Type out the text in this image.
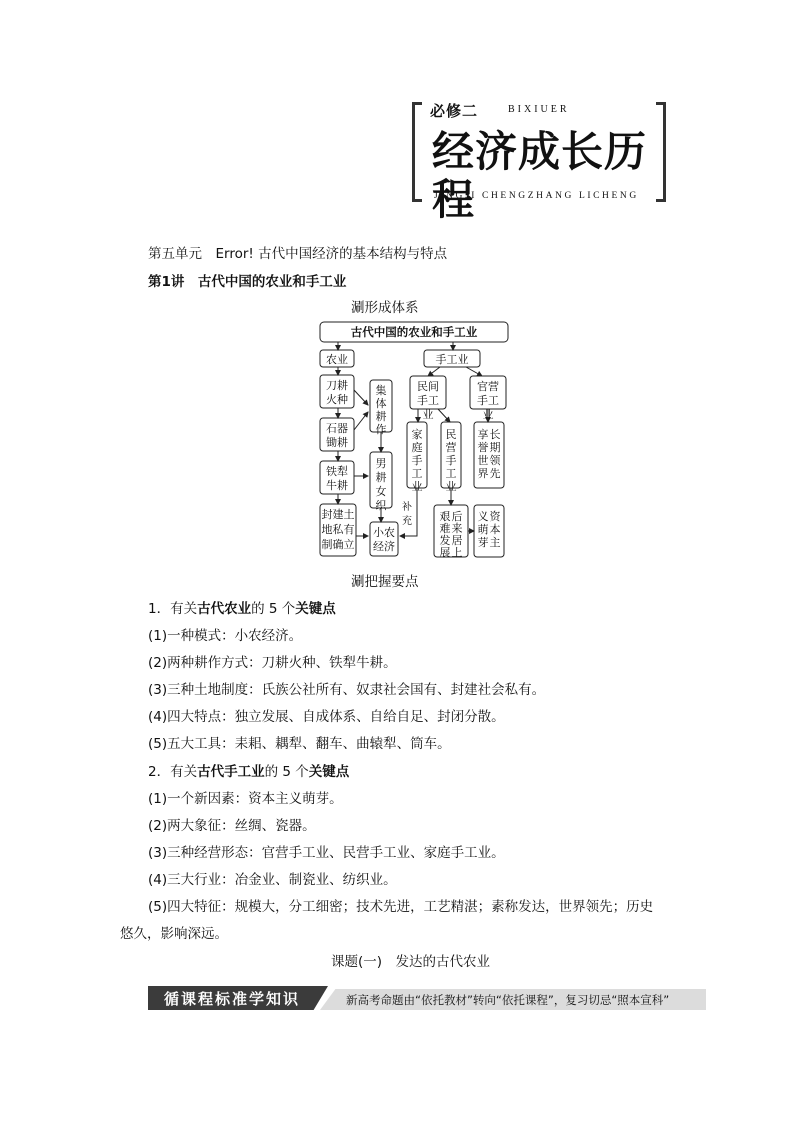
必修二	BIXIUER
经济成长历程
JINGJI CHENGZHANG LICHENG
第五单元　Error! 古代中国经济的基本结构与特点
第1讲　古代中国的农业和手工业
涮形成体系
古代中国的农业和手工业
农业	手工业
刀耕火种
石器锄耕
铁犁牛耕
封建土地私有制确立
集体耕作
男耕女织
小农经济
民间手工业
官营手工业
家庭手工业
民营手工业
长期领先享誉世界
后来居上艰难发展
资本主义萌芽
补充
涮把握要点
1．有关古代农业的 5 个关键点
(1)一种模式：小农经济。
(2)两种耕作方式：刀耕火种、铁犁牛耕。
(3)三种土地制度：氏族公社所有、奴隶社会国有、封建社会私有。
(4)四大特点：独立发展、自成体系、自给自足、封闭分散。
(5)五大工具：耒耜、耦犁、翻车、曲辕犁、筒车。
2．有关古代手工业的 5 个关键点
(1)一个新因素：资本主义萌芽。
(2)两大象征：丝绸、瓷器。
(3)三种经营形态：官营手工业、民营手工业、家庭手工业。
(4)三大行业：冶金业、制瓷业、纺织业。
(5)四大特征：规模大，分工细密；技术先进，工艺精湛；素称发达，世界领先；历史
悠久，影响深远。
课题(一)　发达的古代农业
循课程标准学知识	新高考命题由“依托教材”转向“依托课程”，复习切忌“照本宣科”
